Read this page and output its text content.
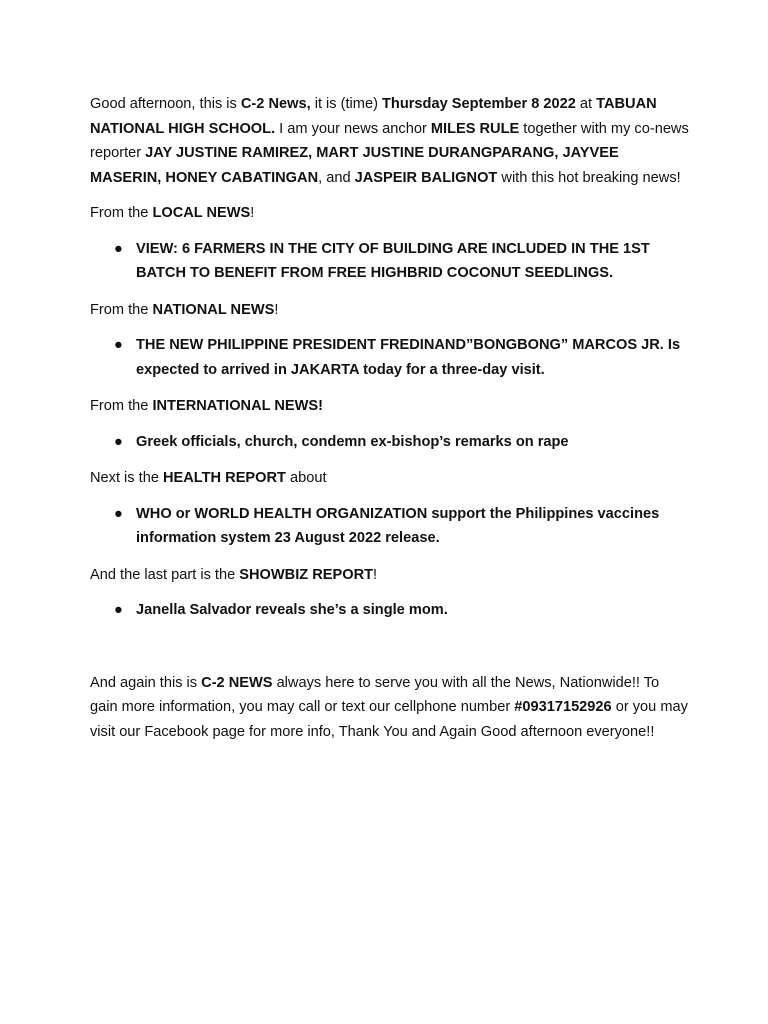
Good afternoon, this is C-2 News, it is (time) Thursday September 8 2022 at TABUAN NATIONAL HIGH SCHOOL. I am your news anchor MILES RULE together with my co-news reporter JAY JUSTINE RAMIREZ, MART JUSTINE DURANGPARANG, JAYVEE MASERIN, HONEY CABATINGAN, and JASPEIR BALIGNOT with this hot breaking news!

From the LOCAL NEWS!

● VIEW: 6 FARMERS IN THE CITY OF BUILDING ARE INCLUDED IN THE 1ST BATCH TO BENEFIT FROM FREE HIGHBRID COCONUT SEEDLINGS.

From the NATIONAL NEWS!

● THE NEW PHILIPPINE PRESIDENT FREDINAND”BONGBONG” MARCOS JR. Is expected to arrived in JAKARTA today for a three-day visit.

From the INTERNATIONAL NEWS!

● Greek officials, church, condemn ex-bishop’s remarks on rape

Next is the HEALTH REPORT about

● WHO or WORLD HEALTH ORGANIZATION support the Philippines vaccines information system 23 August 2022 release.

And the last part is the SHOWBIZ REPORT!

● Janella Salvador reveals she’s a single mom.

And again this is C-2 NEWS always here to serve you with all the News, Nationwide!! To gain more information, you may call or text our cellphone number #09317152926 or you may visit our Facebook page for more info, Thank You and Again Good afternoon everyone!!
